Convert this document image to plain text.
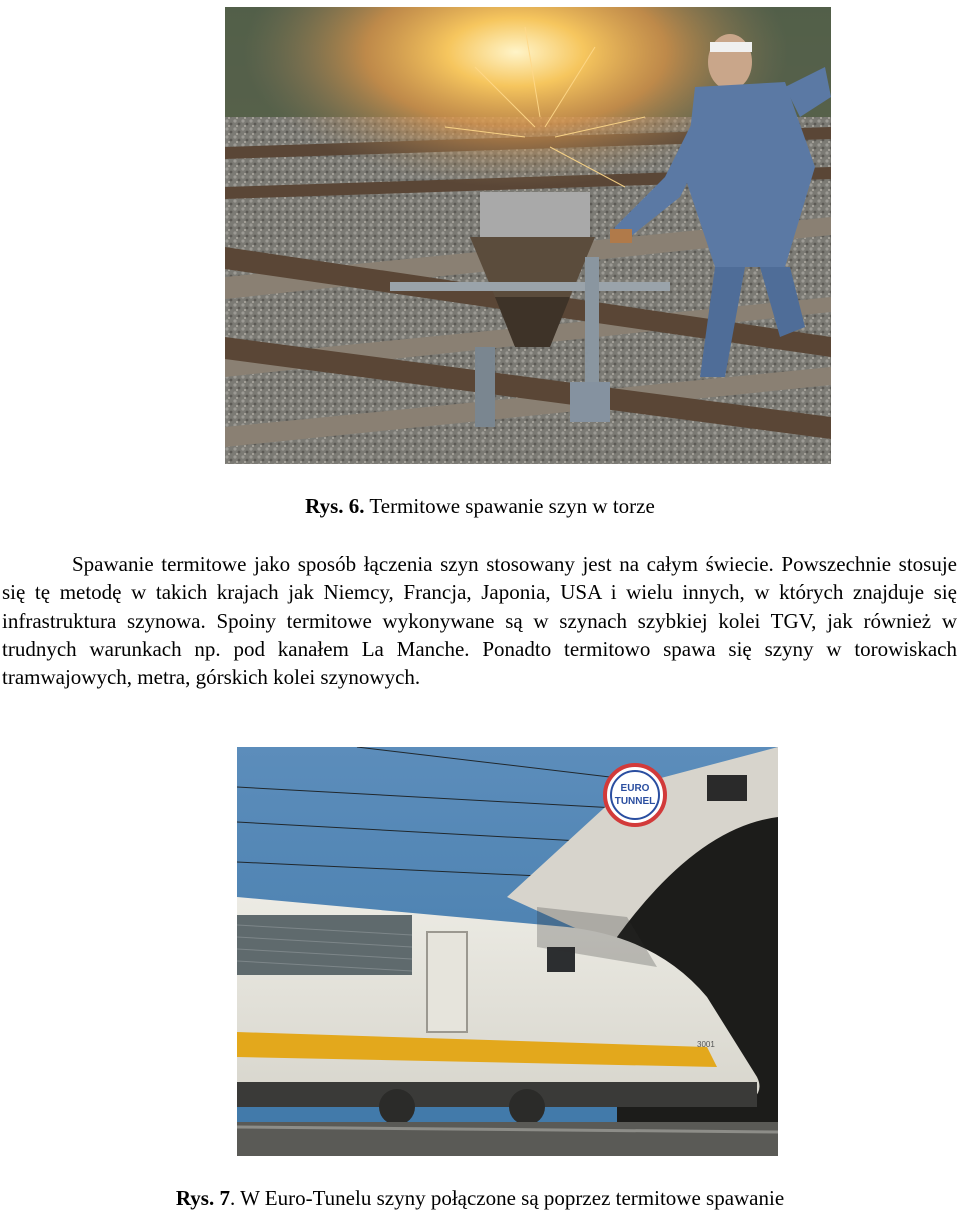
Rys. 6. Termitowe spawanie szyn w torze

Spawanie termitowe jako sposób łączenia szyn stosowany jest na całym świecie. Powszechnie stosuje się tę metodę w takich krajach jak Niemcy, Francja, Japonia, USA i wielu innych, w których znajduje się infrastruktura szynowa. Spoiny termitowe wykonywane są w szynach szybkiej kolei TGV, jak również w trudnych warunkach np. pod kanałem La Manche. Ponadto termitowo spawa się szyny w torowiskach tramwajowych, metra, górskich kolei szynowych.

EURO
TUNNEL
3001
Rys. 7. W Euro-Tunelu szyny połączone są poprzez termitowe spawanie
